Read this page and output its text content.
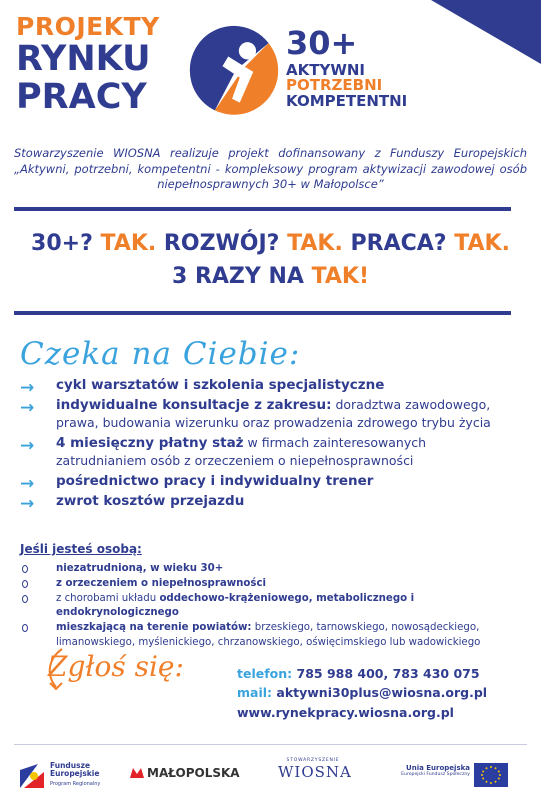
PROJEKTY
RYNKU
PRACY
30+
AKTYWNI
POTRZEBNI
KOMPETENTNI

Stowarzyszenie WIOSNA realizuje projekt dofinansowany z Funduszy Europejskich „Aktywni, potrzebni, kompetentni - kompleksowy program aktywizacji zawodowej osób niepełnosprawnych 30+ w Małopolsce”

30+? TAK. ROZWÓJ? TAK. PRACA? TAK.
3 RAZY NA TAK!
Czeka na Ciebie:
→ cykl warsztatów i szkolenia specjalistyczne
→ indywidualne konsultacje z zakresu: doradztwa zawodowego, prawa, budowania wizerunku oraz prowadzenia zdrowego trybu życia
→ 4 miesięczny płatny staż w firmach zainteresowanych zatrudnianiem osób z orzeczeniem o niepełnosprawności
→ pośrednictwo pracy i indywidualny trener
→ zwrot kosztów przejazdu
Jeśli jesteś osobą:
niezatrudnioną, w wieku 30+
z orzeczeniem o niepełnosprawności
z chorobami układu oddechowo-krążeniowego, metabolicznego i endokrynologicznego
mieszkającą na terenie powiatów: brzeskiego, tarnowskiego, nowosądeckiego, limanowskiego, myślenickiego, chrzanowskiego, oświęcimskiego lub wadowickiego
Zgłoś się:	telefon: 785 988 400, 783 430 075
mail: aktywni30plus@wiosna.org.pl
www.rynekpracy.wiosna.org.pl
Fundusze
Europejskie
Program Regionalny
MAŁOPOLSKA
STOWARZYSZENIE
WIOSNA	Unia Europejska
Europejski Fundusz Społeczny
